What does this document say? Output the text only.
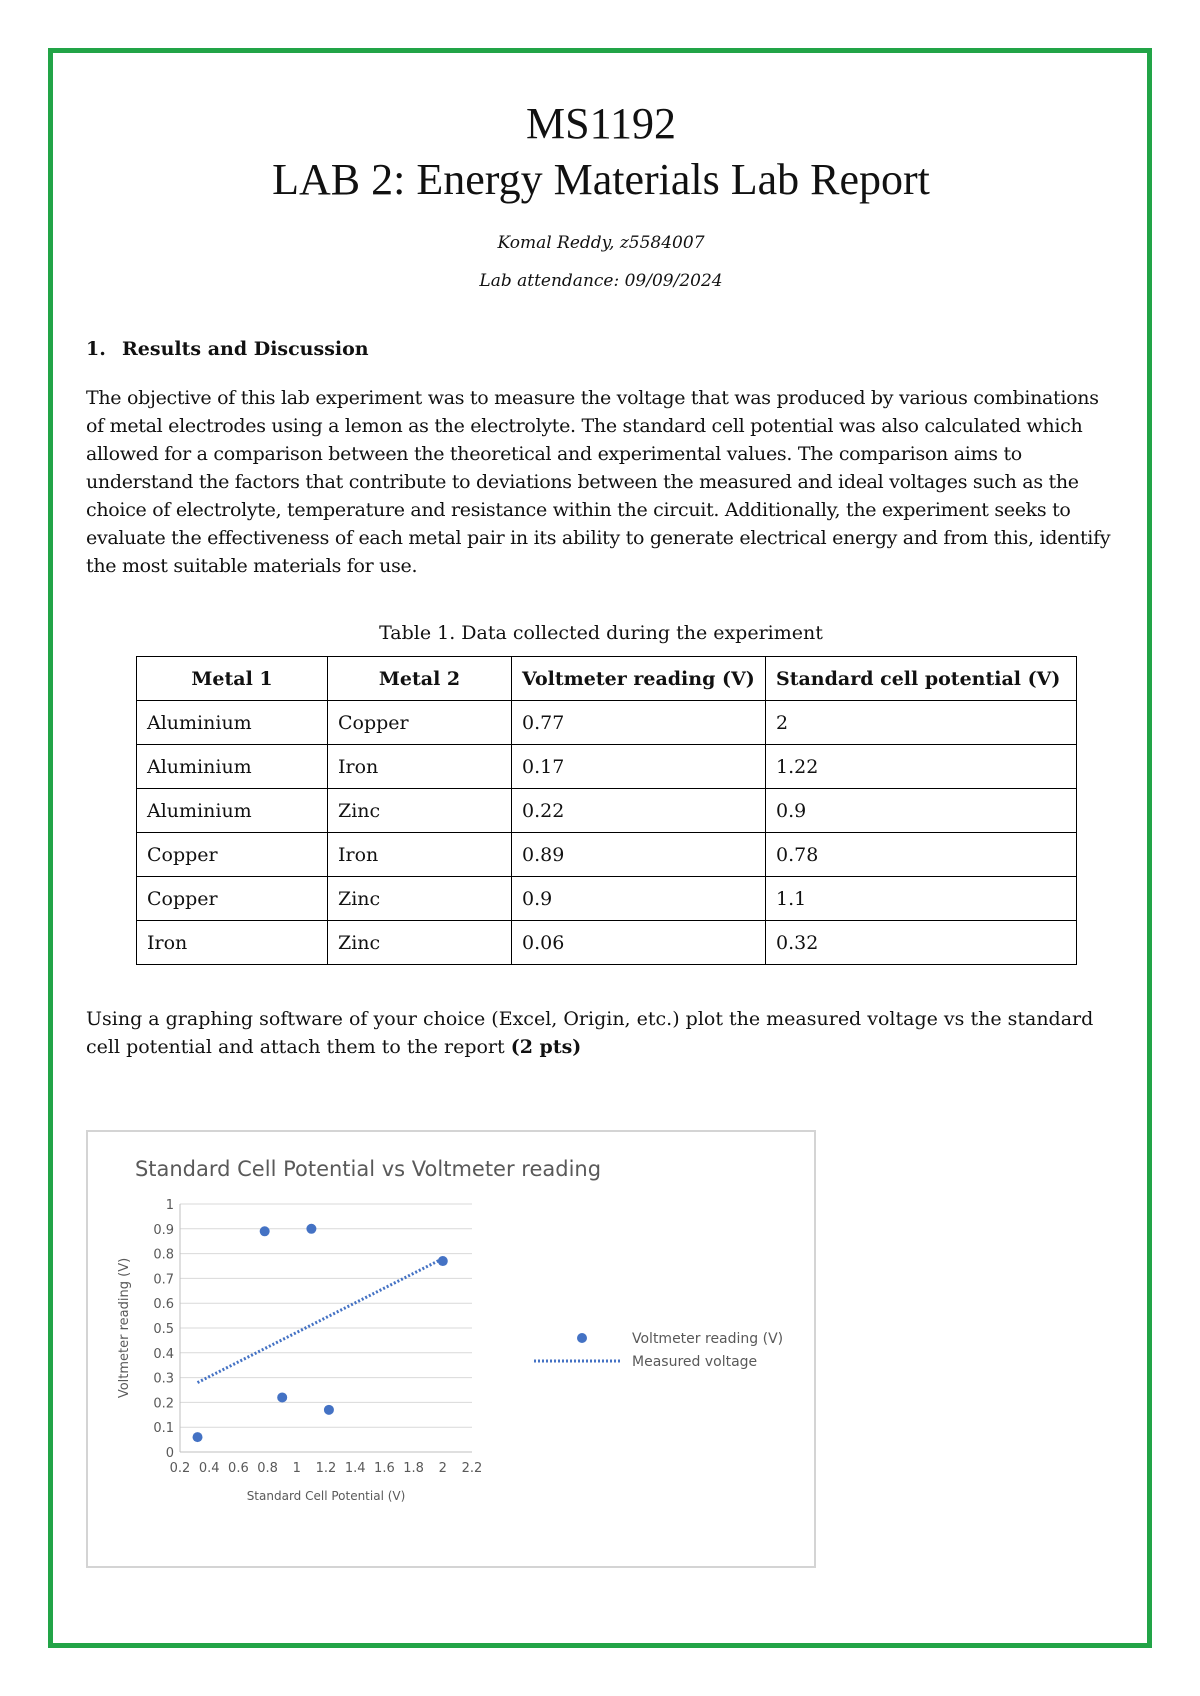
MS1192
LAB 2: Energy Materials Lab Report

Komal Reddy, z5584007

Lab attendance: 09/09/2024

1. Results and Discussion

The objective of this lab experiment was to measure the voltage that was produced by various combinations of metal electrodes using a lemon as the electrolyte. The standard cell potential was also calculated which allowed for a comparison between the theoretical and experimental values. The comparison aims to understand the factors that contribute to deviations between the measured and ideal voltages such as the choice of electrolyte, temperature and resistance within the circuit. Additionally, the experiment seeks to evaluate the effectiveness of each metal pair in its ability to generate electrical energy and from this, identify the most suitable materials for use.

Table 1. Data collected during the experiment

Metal 1	Metal 2	Voltmeter reading (V)	Standard cell potential (V)
Aluminium	Copper	0.77	2
Aluminium	Iron	0.17	1.22
Aluminium	Zinc	0.22	0.9
Copper	Iron	0.89	0.78
Copper	Zinc	0.9	1.1
Iron	Zinc	0.06	0.32

Using a graphing software of your choice (Excel, Origin, etc.) plot the measured voltage vs the standard cell potential and attach them to the report (2 pts)

Standard Cell Potential vs Voltmeter reading
0
0.1
0.2
0.3
0.4
0.5
0.6
0.7
0.8
0.9
1
0.2 0.4 0.6 0.8 1 1.2 1.4 1.6 1.8 2 2.2
Standard Cell Potential (V)
Voltmeter reading (V)	Voltmeter reading (V)
Measured voltage
